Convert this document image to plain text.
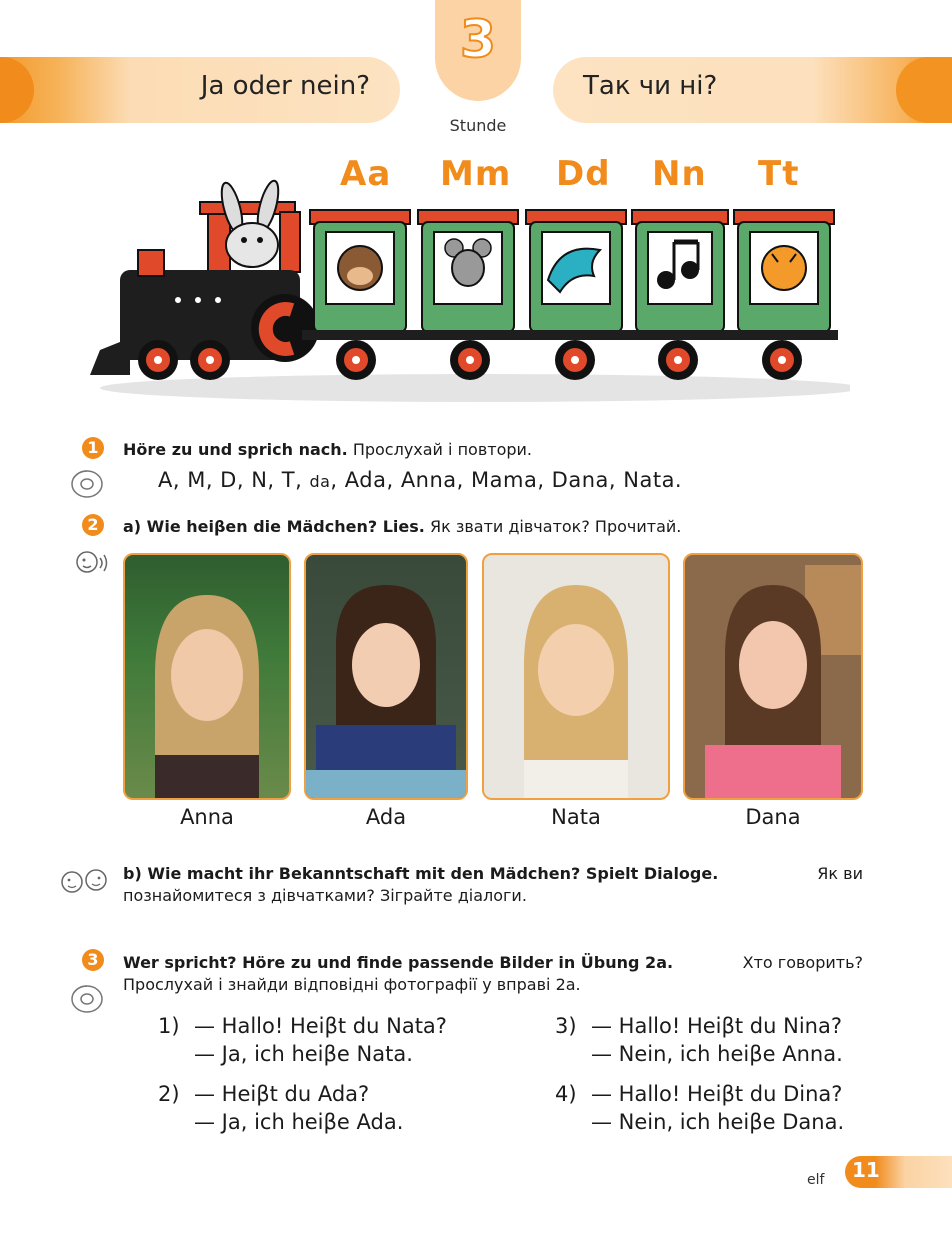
Ja oder nein?	Так чи ні?
3
Stunde
Aa Mm Dd Nn Tt
1	Höre zu und sprich nach. Прослухай і повтори.
A, M, D, N, T, da, Ada, Anna, Mama, Dana, Nata.
2	a) Wie heiβen die Mädchen? Lies. Як звати дівчаток? Прочитай.
Anna	Ada	Nata	Dana
b) Wie macht ihr Bekanntschaft mit den Mädchen? Spielt Dialoge.	Як ви
познайомитеся з дівчатками? Зіграйте діалоги.
3	Wer spricht? Höre zu und finde passende Bilder in Übung 2a.	Хто говорить?
Прослухай і знайди відповідні фотографії у вправі 2а.
1) — Hallo! Heiβt du Nata?
— Ja, ich heiβe Nata.
2) — Heiβt du Ada?
— Ja, ich heiβe Ada.
3) — Hallo! Heiβt du Nina?
— Nein, ich heiβe Anna.
4) — Hallo! Heiβt du Dina?
— Nein, ich heiβe Dana.
elf 11
